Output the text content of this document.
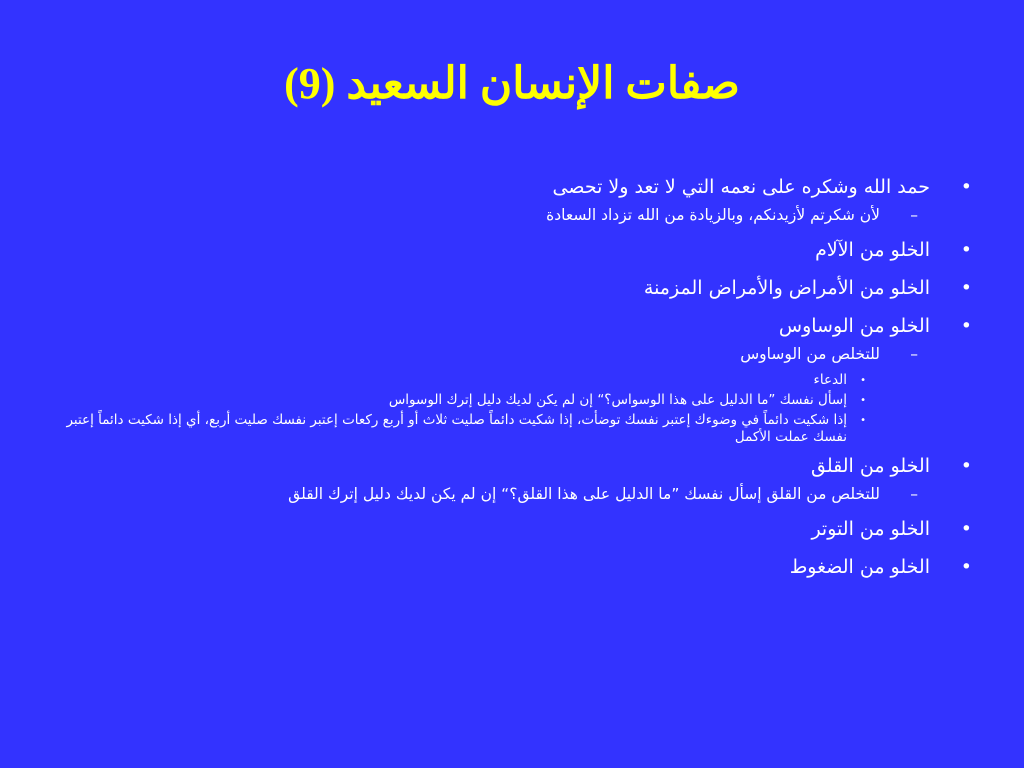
صفات الإنسان السعيد (9)
•
حمد الله وشكره على نعمه التي لا تعد ولا تحصى
–
لأن شكرتم لأزيدنكم، وبالزيادة من الله تزداد السعادة
•
الخلو من الآلام
•
الخلو من الأمراض والأمراض المزمنة
•
الخلو من الوساوس
–
للتخلص من الوساوس
•
الدعاء
•
إسأل نفسك ”ما الدليل على هذا الوسواس؟“ إن لم يكن لديك دليل إترك الوسواس
•
إذا شكيت دائماً في وضوءك إعتبر نفسك توضأت، إذا شكيت دائماً صليت ثلاث أو أربع ركعات إعتبر نفسك صليت أربع، أي إذا شكيت دائماً إعتبر نفسك عملت الأكمل
•
الخلو من القلق
–
للتخلص من القلق إسأل نفسك ”ما الدليل على هذا القلق؟“ إن لم يكن لديك دليل إترك القلق
•
الخلو من التوتر
•
الخلو من الضغوط
